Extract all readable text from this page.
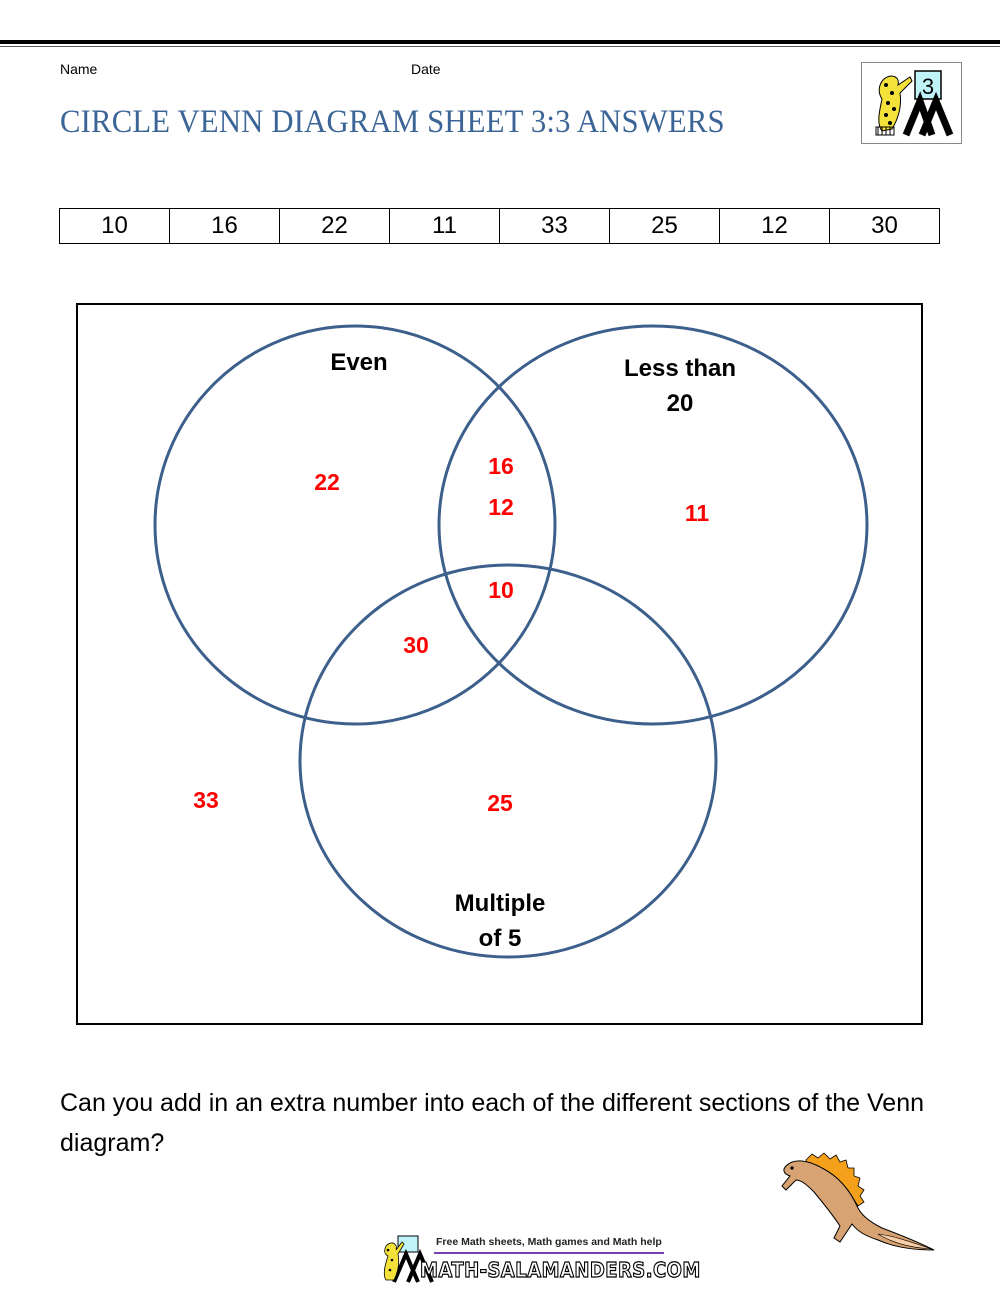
Name	Date
CIRCLE VENN DIAGRAM SHEET 3:3 ANSWERS
3
10	16	22	11	33	25	12	30
Even	Less than
20
Multiple
of 5
22
16
12	11
10
30
33	25
Can you add in an extra number into each of the different sections of the Venn diagram?
Free Math sheets, Math games and Math help
MATH-SALAMANDERS.COM
